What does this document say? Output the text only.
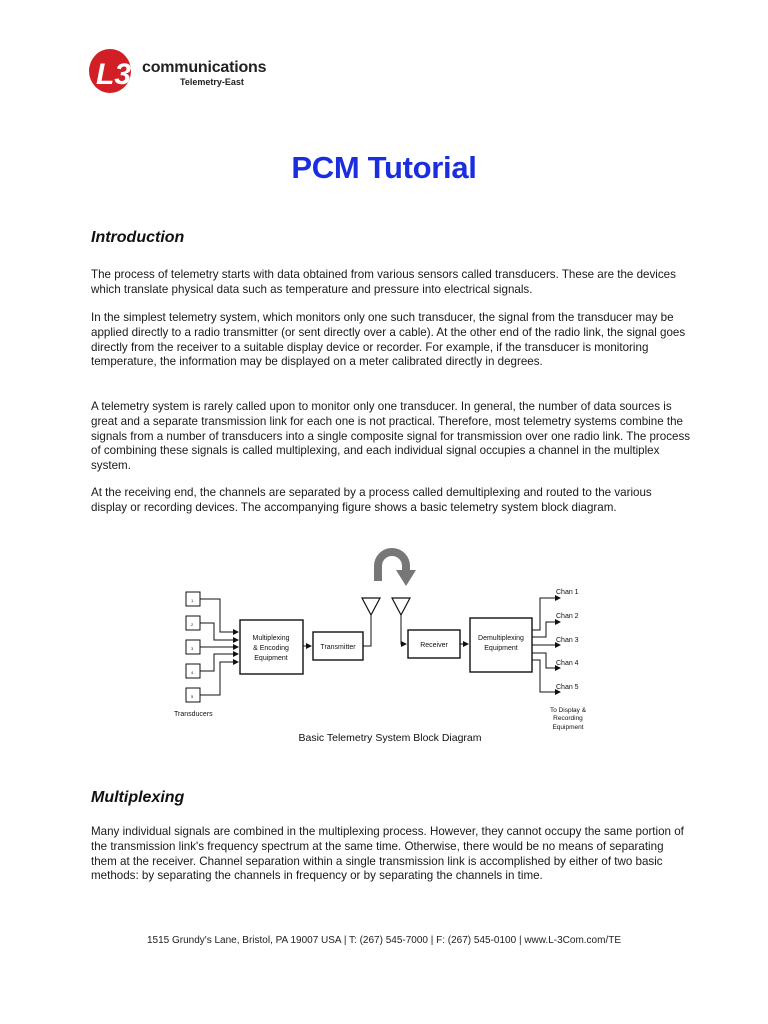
L3 communications
Telemetry-East
PCM Tutorial
Introduction

The process of telemetry starts with data obtained from various sensors called transducers. These are the devices which translate physical data such as temperature and pressure into electrical signals.

In the simplest telemetry system, which monitors only one such transducer, the signal from the transducer may be applied directly to a radio transmitter (or sent directly over a cable). At the other end of the radio link, the signal goes directly from the receiver to a suitable display device or recorder. For example, if the transducer is monitoring temperature, the information may be displayed on a meter calibrated directly in degrees.

A telemetry system is rarely called upon to monitor only one transducer. In general, the number of data sources is great and a separate transmission link for each one is not practical. Therefore, most telemetry systems combine the signals from a number of transducers into a single composite signal for transmission over one radio link. The process of combining these signals is called multiplexing, and each individual signal occupies a channel in the multiplex system.

At the receiving end, the channels are separated by a process called demultiplexing and routed to the various display or recording devices. The accompanying figure shows a basic telemetry system block diagram.

1
2
3
4
5
Multiplexing
& Encoding
Equipment
Transmitter	Receiver
Demultiplexing
Equipment
Chan 1
Chan 2
Chan 3
Chan 4
Chan 5
To Display &
Recording
Equipment
Transducers
Basic Telemetry System Block Diagram
Multiplexing

Many individual signals are combined in the multiplexing process. However, they cannot occupy the same portion of the transmission link's frequency spectrum at the same time. Otherwise, there would be no means of separating them at the receiver. Channel separation within a single transmission link is accomplished by either of two basic methods: by separating the channels in frequency or by separating the channels in time.

1515 Grundy's Lane, Bristol, PA 19007 USA | T: (267) 545-7000 | F: (267) 545-0100 | www.L-3Com.com/TE
